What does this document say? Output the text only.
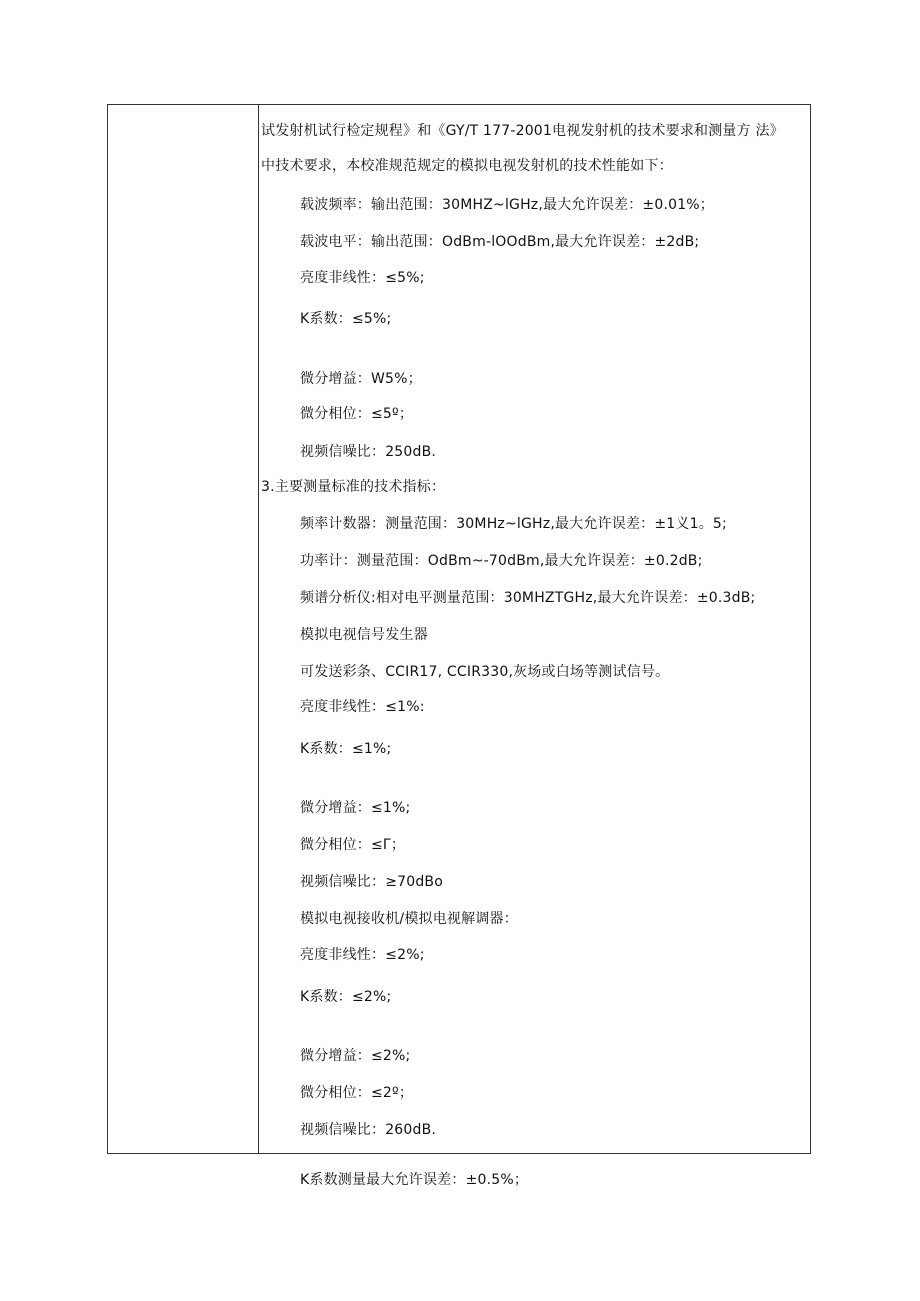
试发射机试行检定规程》和《GY/T 177-2001电视发射机的技术要求和测量方 法》
中技术要求，本校准规范规定的模拟电视发射机的技术性能如下：
载波频率：输出范围：30MHZ~lGHz,最大允许误差：±0.01%；
载波电平：输出范围：OdBm-lOOdBm,最大允许误差：±2dB;
亮度非线性：≤5%;
K系数：≤5%;
微分增益：W5%；
微分相位：≤5º；
视频信噪比：250dB.
3.主要测量标准的技术指标：
频率计数器：测量范围：30MHz~lGHz,最大允许误差：±1义1。5;
功率计：测量范围：OdBm~-70dBm,最大允许误差：±0.2dB;
频谱分析仪:相对电平测量范围：30MHZTGHz,最大允许误差：±0.3dB;
模拟电视信号发生器
可发送彩条、CCIR17, CCIR330,灰场或白场等测试信号。
亮度非线性：≤1%:
K系数：≤1%;
微分增益：≤1%;
微分相位：≤Γ；
视频信噪比：≥70dBo
模拟电视接收机/模拟电视解调器：
亮度非线性：≤2%;
K系数：≤2%;
微分增益：≤2%;
微分相位：≤2º；
视频信噪比：260dB.
K系数测量最大允许误差：±0.5%；
